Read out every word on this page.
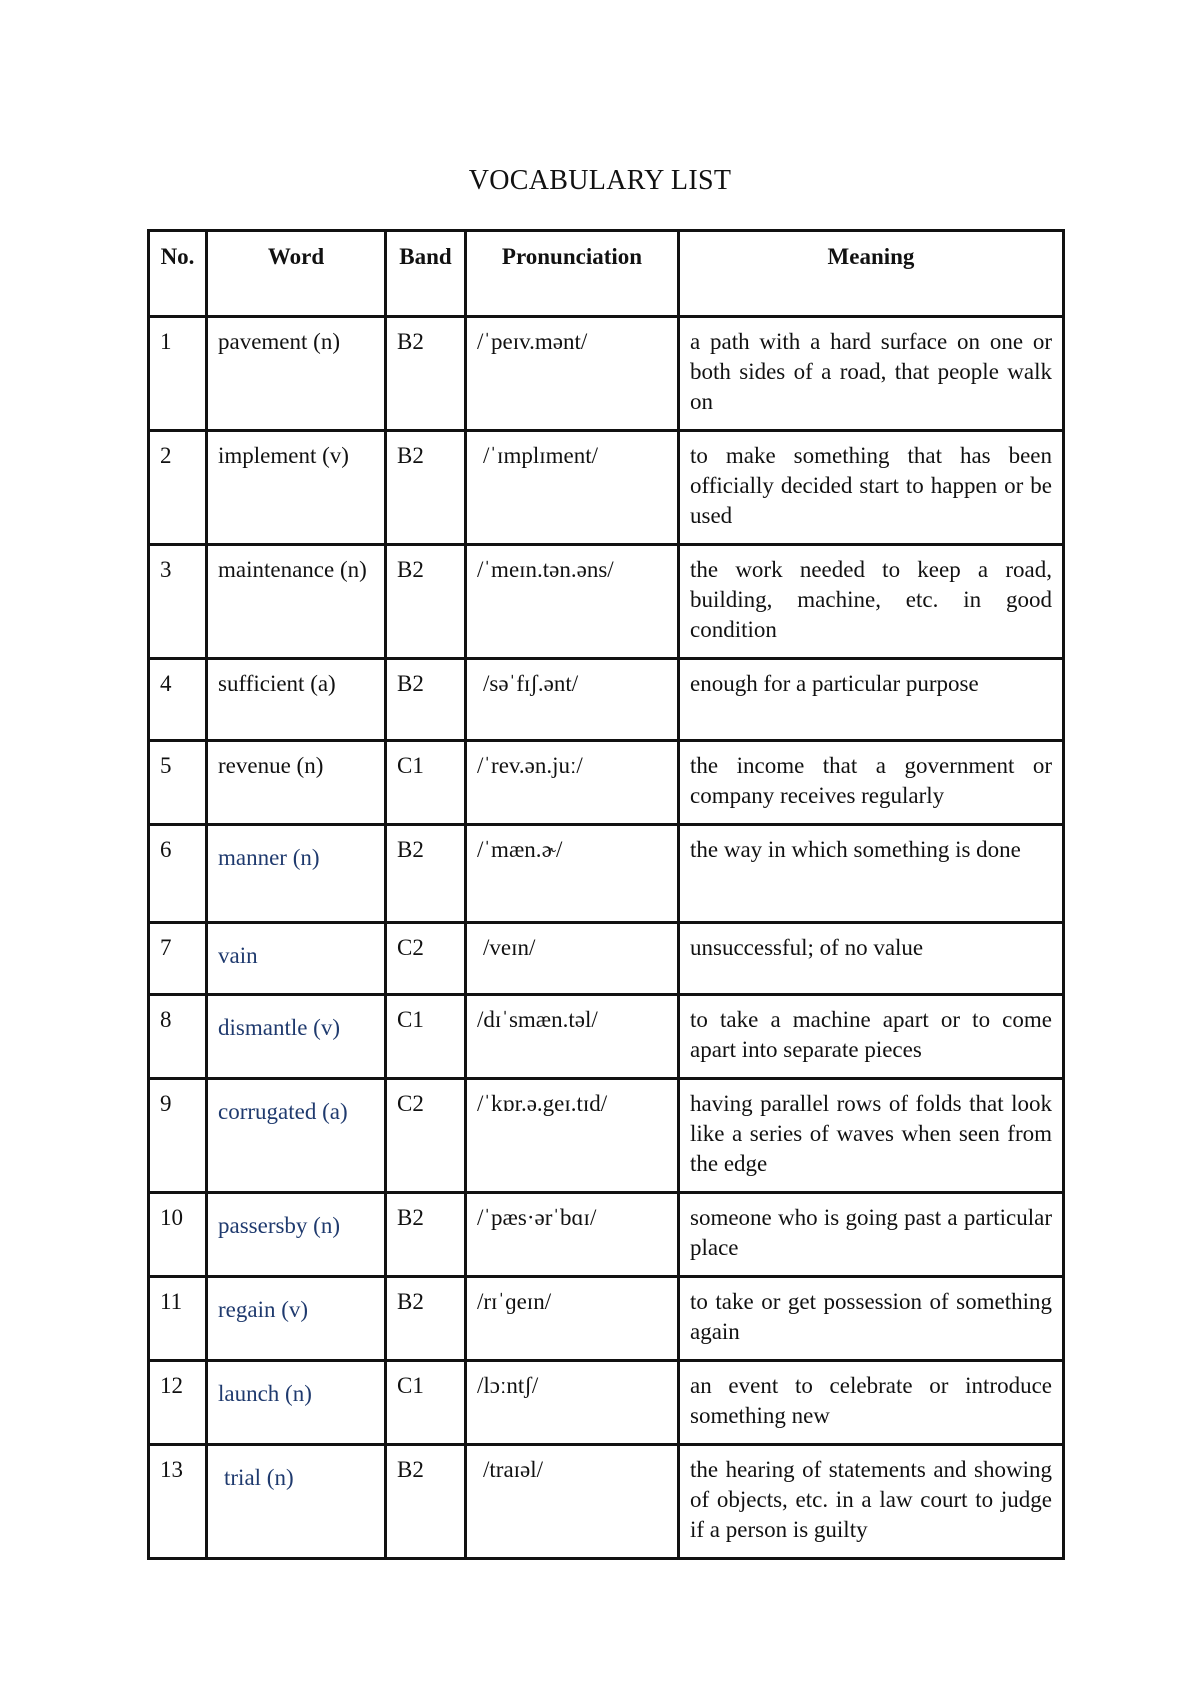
VOCABULARY LIST
No.	Word	Band	Pronunciation	Meaning
1	pavement (n)	B2	/ˈpeɪv.mənt/	a path with a hard surface on one or both sides of a road, that people walk on
2	implement (v)	B2	/ˈɪmplɪment/	to make something that has been officially decided start to happen or be used
3	maintenance (n)	B2	/ˈmeɪn.tən.əns/	the work needed to keep a road, building, machine, etc. in good condition
4	sufficient (a)	B2	/səˈfɪʃ.ənt/	enough for a particular purpose
5	revenue (n)	C1	/ˈrev.ən.juː/	the income that a government or company receives regularly
6	manner (n)	B2	/ˈmæn.ɚ/	the way in which something is done
7	vain	C2	/veɪn/	unsuccessful; of no value
8	dismantle (v)	C1	/dɪˈsmæn.təl/	to take a machine apart or to come apart into separate pieces
9	corrugated (a)	C2	/ˈkɒr.ə.geɪ.tɪd/	having parallel rows of folds that look like a series of waves when seen from the edge
10	passersby (n)	B2	/ˈpæs·ərˈbɑɪ/	someone who is going past a particular place
11	regain (v)	B2	/rɪˈɡeɪn/	to take or get possession of something again
12	launch (n)	C1	/lɔːntʃ/	an event to celebrate or introduce something new
13	trial (n)	B2	/traɪəl/	the hearing of statements and showing of objects, etc. in a law court to judge if a person is guilty
